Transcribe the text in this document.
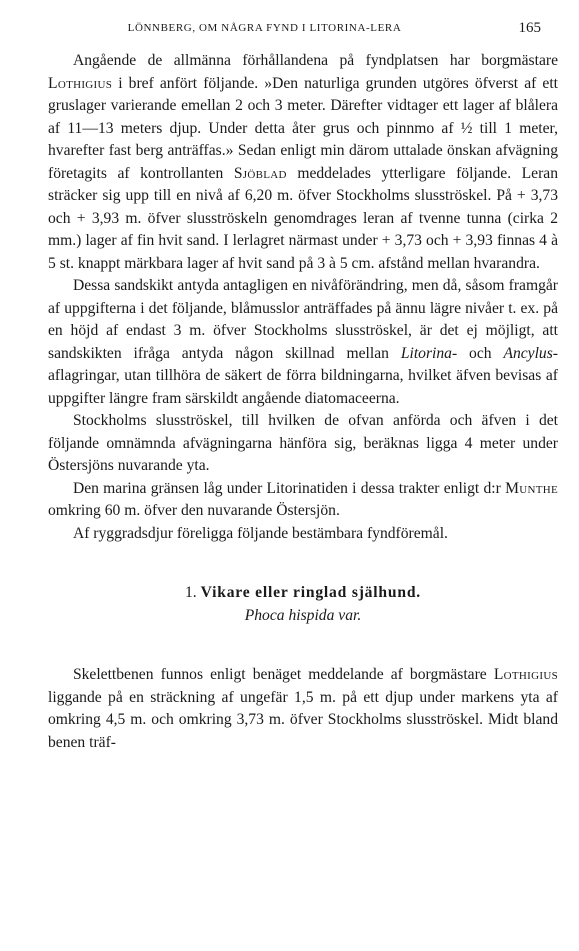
LÖNNBERG, OM NÅGRA FYND I LITORINA-LERA	165

Angående de allmänna förhållandena på fyndplatsen har borgmästare Lothigius i bref anfört följande. »Den naturliga grunden utgöres öfverst af ett gruslager varierande emellan 2 och 3 meter. Därefter vidtager ett lager af blålera af 11—13 meters djup. Under detta åter grus och pinnmo af ½ till 1 meter, hvarefter fast berg anträffas.» Sedan enligt min därom uttalade önskan afvägning företagits af kontrollanten Sjöblad meddelades ytterligare följande. Leran sträcker sig upp till en nivå af 6,20 m. öfver Stockholms slusströskel. På + 3,73 och + 3,93 m. öfver slusströskeln genomdrages leran af tvenne tunna (cirka 2 mm.) lager af fin hvit sand. I lerlagret närmast under + 3,73 och + 3,93 finnas 4 à 5 st. knappt märkbara lager af hvit sand på 3 à 5 cm. afstånd mellan hvarandra.

Dessa sandskikt antyda antagligen en nivåförändring, men då, såsom framgår af uppgifterna i det följande, blåmusslor anträffades på ännu lägre nivåer t. ex. på en höjd af endast 3 m. öfver Stockholms slusströskel, är det ej möjligt, att sandskikten ifråga antyda någon skillnad mellan Litorina- och Ancylus-aflagringar, utan tillhöra de säkert de förra bildningarna, hvilket äfven bevisas af uppgifter längre fram särskildt angående diatomaceerna.

Stockholms slusströskel, till hvilken de ofvan anförda och äfven i det följande omnämnda afvägningarna hänföra sig, beräknas ligga 4 meter under Östersjöns nuvarande yta.

Den marina gränsen låg under Litorinatiden i dessa trakter enligt d:r Munthe omkring 60 m. öfver den nuvarande Östersjön.

Af ryggradsdjur föreligga följande bestämbara fyndföremål.

1. Vikare eller ringlad själhund.
Phoca hispida var.

Skelettbenen funnos enligt benäget meddelande af borgmästare Lothigius liggande på en sträckning af ungefär 1,5 m. på ett djup under markens yta af omkring 4,5 m. och omkring 3,73 m. öfver Stockholms slusströskel. Midt bland benen träf-
